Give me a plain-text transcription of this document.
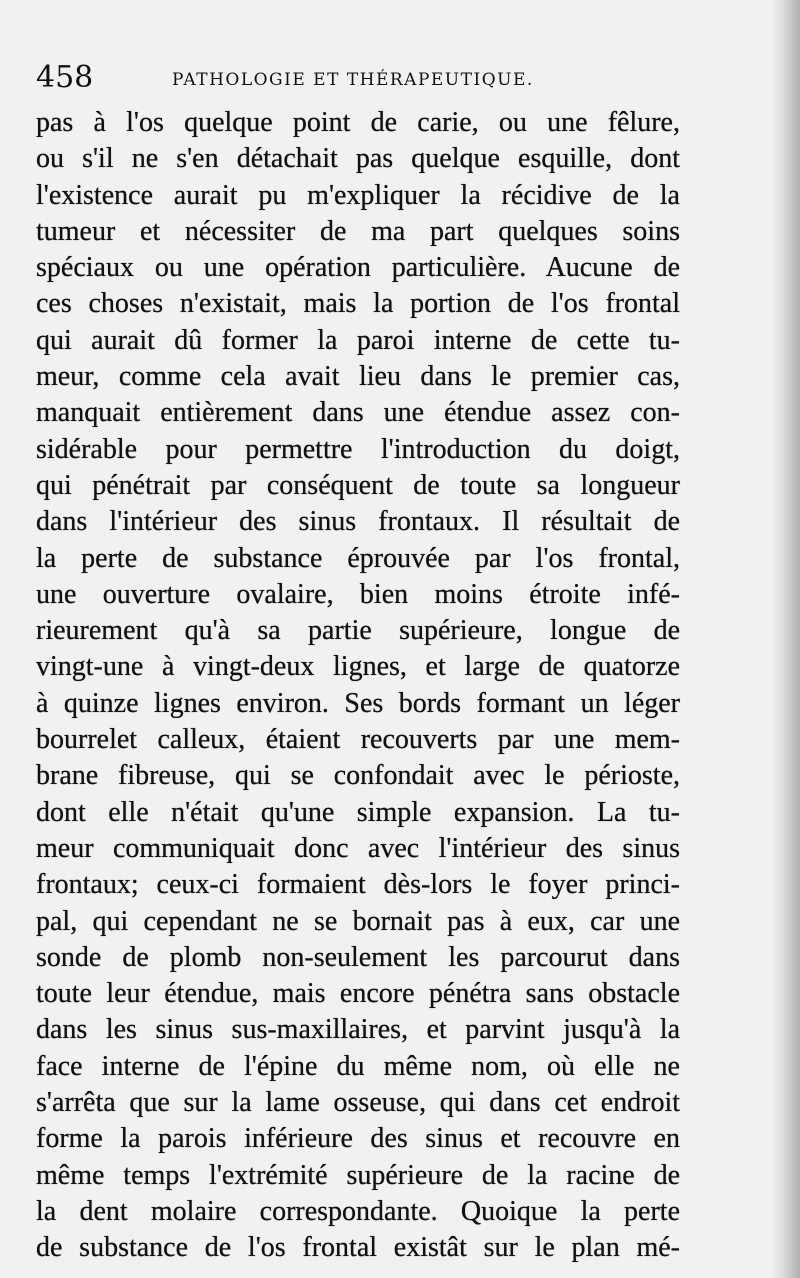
458	PATHOLOGIE ET THÉRAPEUTIQUE.
pas à l'os quelque point de carie, ou une fêlure,
ou s'il ne s'en détachait pas quelque esquille, dont
l'existence aurait pu m'expliquer la récidive de la
tumeur et nécessiter de ma part quelques soins
spéciaux ou une opération particulière. Aucune de
ces choses n'existait, mais la portion de l'os frontal
qui aurait dû former la paroi interne de cette tu-
meur, comme cela avait lieu dans le premier cas,
manquait entièrement dans une étendue assez con-
sidérable pour permettre l'introduction du doigt,
qui pénétrait par conséquent de toute sa longueur
dans l'intérieur des sinus frontaux. Il résultait de
la perte de substance éprouvée par l'os frontal,
une ouverture ovalaire, bien moins étroite infé-
rieurement qu'à sa partie supérieure, longue de
vingt-une à vingt-deux lignes, et large de quatorze
à quinze lignes environ. Ses bords formant un léger
bourrelet calleux, étaient recouverts par une mem-
brane fibreuse, qui se confondait avec le périoste,
dont elle n'était qu'une simple expansion. La tu-
meur communiquait donc avec l'intérieur des sinus
frontaux; ceux-ci formaient dès-lors le foyer princi-
pal, qui cependant ne se bornait pas à eux, car une
sonde de plomb non-seulement les parcourut dans
toute leur étendue, mais encore pénétra sans obstacle
dans les sinus sus-maxillaires, et parvint jusqu'à la
face interne de l'épine du même nom, où elle ne
s'arrêta que sur la lame osseuse, qui dans cet endroit
forme la parois inférieure des sinus et recouvre en
même temps l'extrémité supérieure de la racine de
la dent molaire correspondante. Quoique la perte
de substance de l'os frontal existât sur le plan mé-
